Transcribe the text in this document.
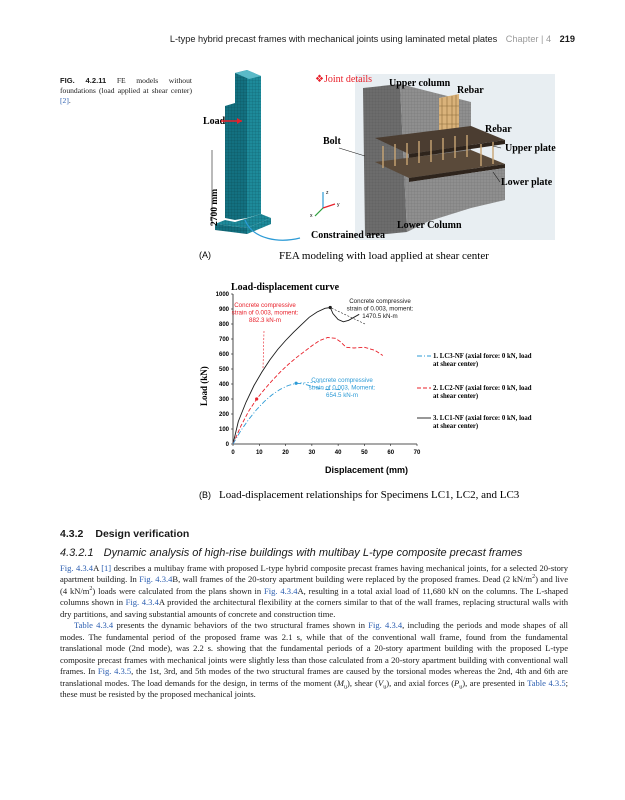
L-type hybrid precast frames with mechanical joints using laminated metal plates Chapter | 4 219
FIG. 4.2.11 FE models without foundations (load applied at shear center) [2].
Load
2700 mm
❖Joint details Upper column
Rebar
Rebar
Bolt
Upper plate
Lower plate
Lower Column
Constrained area
z
y
x
(A)	FEA modeling with load applied at shear center
Load-displacement curve
0	10	20	30	40	50	60	70
0
100
200
300
400
500
600
700
800
900
1000
Concrete compressive
strain of 0.003, moment:
882.3 kN-m
Concrete compressive
strain of 0.003, moment:
1470.5 kN-m
Concrete compressive
strain of 0.003, Moment:
654.5 kN-m
1. LC3-NF (axial force: 0 kN, load
at shear center)
2. LC2-NF (axial force: 0 kN, load
at shear center)
3. LC1-NF (axial force: 0 kN, load
at shear center)
Displacement (mm)
Load (kN)
(B) Load-displacement relationships for Specimens LC1, LC2, and LC3
4.3.2 Design verification
4.3.2.1 Dynamic analysis of high-rise buildings with multibay L-type composite precast frames

Fig. 4.3.4A [1] describes a multibay frame with proposed L-type hybrid composite precast frames having mechanical joints, for a selected 20-story apartment building. In Fig. 4.3.4B, wall frames of the 20-story apartment building were replaced by the proposed frames. Dead (2 $kN/m^2$) and live (4 $kN/m^2$) loads were calculated from the plans shown in Fig. 4.3.4A, resulting in a total axial load of 11,680 kN on the columns. The L-shaped columns shown in Fig. 4.3.4A provided the architectural flexibility at the corners similar to that of the wall frames, replacing structural walls with dry partitions, and saving substantial amounts of concrete and construction time.

Table 4.3.4 presents the dynamic behaviors of the two structural frames shown in Fig. 4.3.4, including the periods and mode shapes of all modes. The fundamental period of the proposed frame was 2.1 s, while that of the conventional wall frame, found from the fundamental translational mode (2nd mode), was 2.2 s. showing that the fundamental periods of a 20-story apartment building with the proposed L-type composite precast frames with mechanical joints were slightly less than those calculated from a 20-story apartment building with conventional wall frames. In Fig. 4.3.5, the 1st, 3rd, and 5th modes of the two structural frames are caused by the torsional modes whereas the 2nd, 4th and 6th are translational modes. The load demands for the design, in terms of the moment $(M_u)$, shear $(V_u)$, and axial forces $(P_u)$, are presented in Table 4.3.5; these must be resisted by the proposed mechanical joints.
